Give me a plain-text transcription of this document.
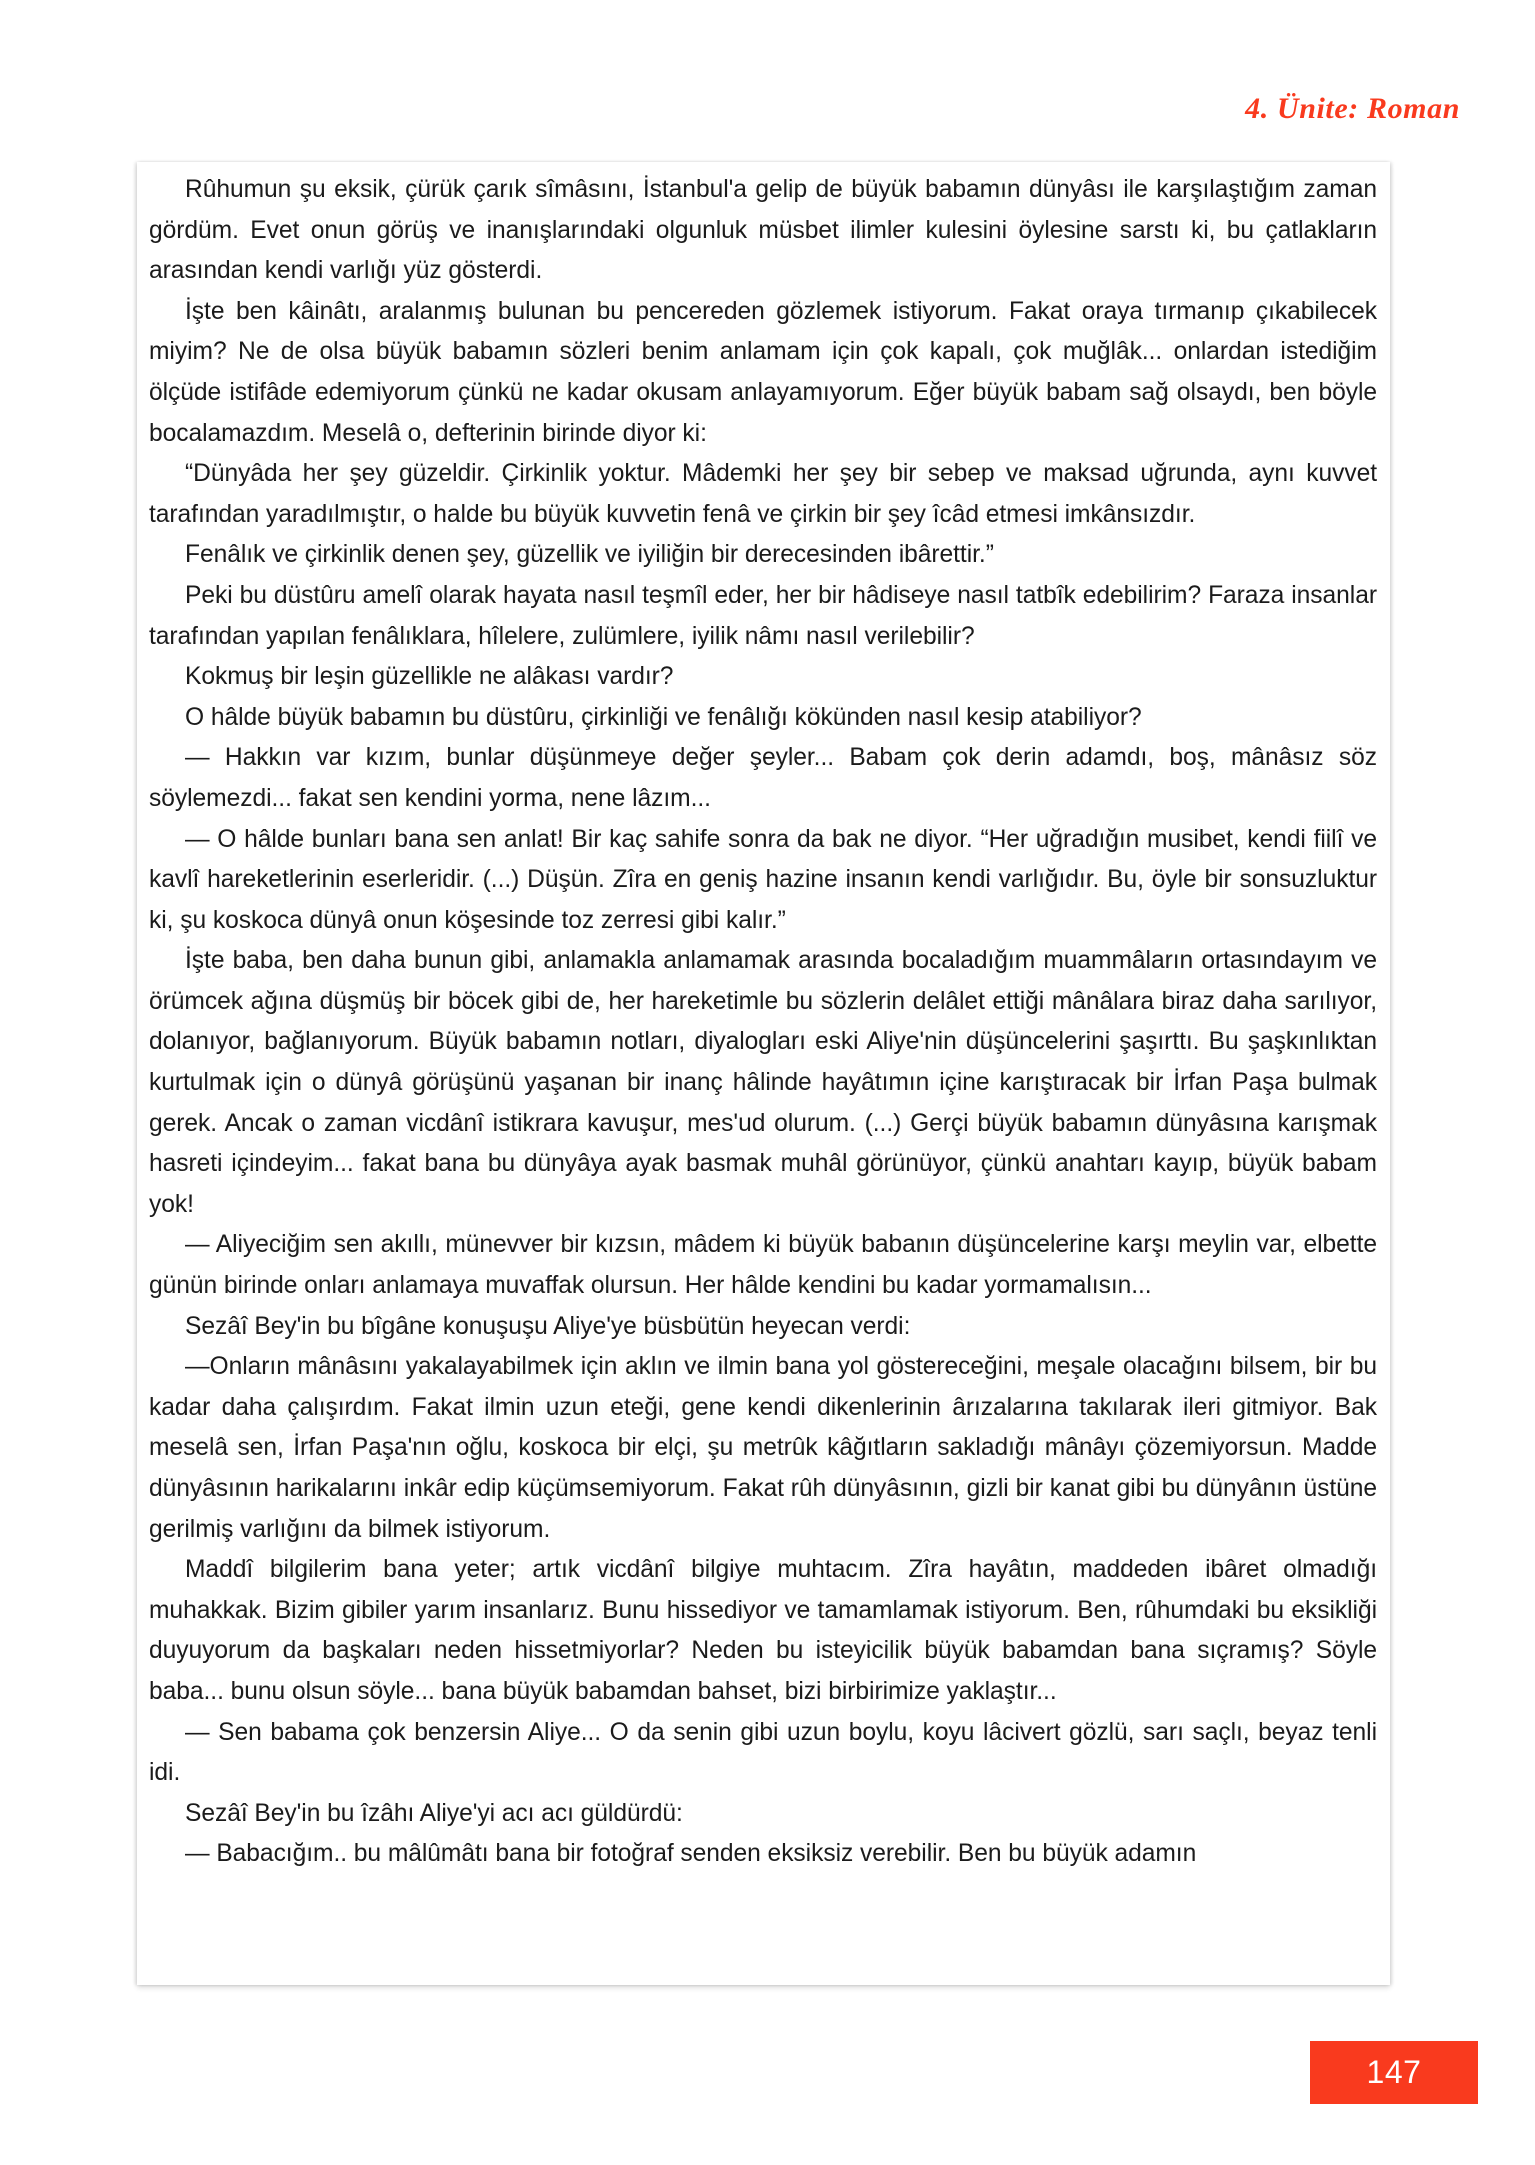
4. Ünite: Roman

Rûhumun şu eksik, çürük çarık sîmâsını, İstanbul'a gelip de büyük babamın dünyâsı ile karşılaştığım zaman gördüm. Evet onun görüş ve inanışlarındaki olgunluk müsbet ilimler kulesini öylesine sarstı ki, bu çatlakların arasından kendi varlığı yüz gösterdi.

İşte ben kâinâtı, aralanmış bulunan bu pencereden gözlemek istiyorum. Fakat oraya tırmanıp çıkabilecek miyim? Ne de olsa büyük babamın sözleri benim anlamam için çok kapalı, çok muğlâk... onlardan istediğim ölçüde istifâde edemiyorum çünkü ne kadar okusam anlayamıyorum. Eğer büyük babam sağ olsaydı, ben böyle bocalamazdım. Meselâ o, defterinin birinde diyor ki:

“Dünyâda her şey güzeldir. Çirkinlik yoktur. Mâdemki her şey bir sebep ve maksad uğrunda, aynı kuvvet tarafından yaradılmıştır, o halde bu büyük kuvvetin fenâ ve çirkin bir şey îcâd etmesi imkânsızdır.

Fenâlık ve çirkinlik denen şey, güzellik ve iyiliğin bir derecesinden ibârettir.”

Peki bu düstûru amelî olarak hayata nasıl teşmîl eder, her bir hâdiseye nasıl tatbîk edebilirim? Faraza insanlar tarafından yapılan fenâlıklara, hîlelere, zulümlere, iyilik nâmı nasıl verilebilir?

Kokmuş bir leşin güzellikle ne alâkası vardır?

O hâlde büyük babamın bu düstûru, çirkinliği ve fenâlığı kökünden nasıl kesip atabiliyor?

— Hakkın var kızım, bunlar düşünmeye değer şeyler... Babam çok derin adamdı, boş, mânâsız söz söylemezdi... fakat sen kendini yorma, nene lâzım...

— O hâlde bunları bana sen anlat! Bir kaç sahife sonra da bak ne diyor. “Her uğradığın musibet, kendi fiilî ve kavlî hareketlerinin eserleridir. (...) Düşün. Zîra en geniş hazine insanın kendi varlığıdır. Bu, öyle bir sonsuzluktur ki, şu koskoca dünyâ onun köşesinde toz zerresi gibi kalır.”

İşte baba, ben daha bunun gibi, anlamakla anlamamak arasında bocaladığım muammâların ortasındayım ve örümcek ağına düşmüş bir böcek gibi de, her hareketimle bu sözlerin delâlet ettiği mânâlara biraz daha sarılıyor, dolanıyor, bağlanıyorum. Büyük babamın notları, diyalogları eski Aliye'nin düşüncelerini şaşırttı. Bu şaşkınlıktan kurtulmak için o dünyâ görüşünü yaşanan bir inanç hâlinde hayâtımın içine karıştıracak bir İrfan Paşa bulmak gerek. Ancak o zaman vicdânî istikrara kavuşur, mes'ud olurum. (...) Gerçi büyük babamın dünyâsına karışmak hasreti içindeyim... fakat bana bu dünyâya ayak basmak muhâl görünüyor, çünkü anahtarı kayıp, büyük babam yok!

— Aliyeciğim sen akıllı, münevver bir kızsın, mâdem ki büyük babanın düşüncelerine karşı meylin var, elbette günün birinde onları anlamaya muvaffak olursun. Her hâlde kendini bu kadar yormamalısın...

Sezâî Bey'in bu bîgâne konuşuşu Aliye'ye büsbütün heyecan verdi:

—Onların mânâsını yakalayabilmek için aklın ve ilmin bana yol göstereceğini, meşale olacağını bilsem, bir bu kadar daha çalışırdım. Fakat ilmin uzun eteği, gene kendi dikenlerinin ârızalarına takılarak ileri gitmiyor. Bak meselâ sen, İrfan Paşa'nın oğlu, koskoca bir elçi, şu metrûk kâğıtların sakladığı mânâyı çözemiyorsun. Madde dünyâsının harikalarını inkâr edip küçümsemiyorum. Fakat rûh dünyâsının, gizli bir kanat gibi bu dünyânın üstüne gerilmiş varlığını da bilmek istiyorum.

Maddî bilgilerim bana yeter; artık vicdânî bilgiye muhtacım. Zîra hayâtın, maddeden ibâret olmadığı muhakkak. Bizim gibiler yarım insanlarız. Bunu hissediyor ve tamamlamak istiyorum. Ben, rûhumdaki bu eksikliği duyuyorum da başkaları neden hissetmiyorlar? Neden bu isteyicilik büyük babamdan bana sıçramış? Söyle baba... bunu olsun söyle... bana büyük babamdan bahset, bizi birbirimize yaklaştır...

— Sen babama çok benzersin Aliye... O da senin gibi uzun boylu, koyu lâcivert gözlü, sarı saçlı, beyaz tenli idi.

Sezâî Bey'in bu îzâhı Aliye'yi acı acı güldürdü:

— Babacığım.. bu mâlûmâtı bana bir fotoğraf senden eksiksiz verebilir. Ben bu büyük adamın

147
